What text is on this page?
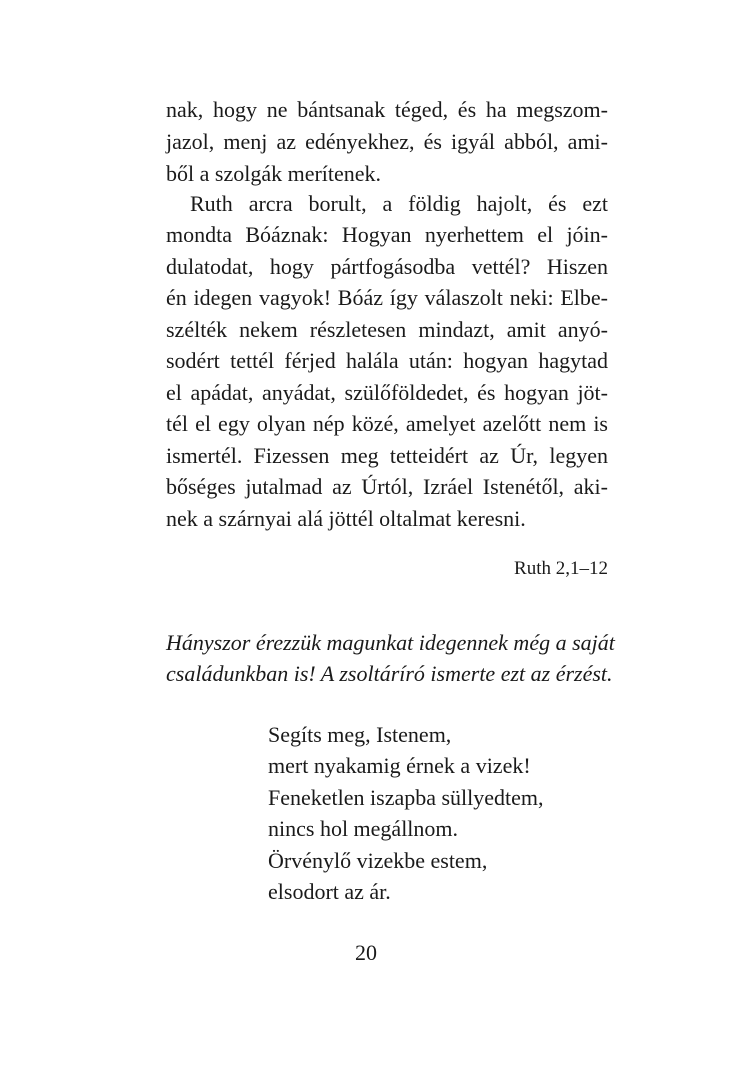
nak, hogy ne bántsanak téged, és ha megszom-
jazol, menj az edényekhez, és igyál abból, ami-
ből a szolgák merítenek.
Ruth arcra borult, a földig hajolt, és ezt
mondta Bóáznak: Hogyan nyerhettem el jóin-
dulatodat, hogy pártfogásodba vettél? Hiszen
én idegen vagyok! Bóáz így válaszolt neki: Elbe-
szélték nekem részletesen mindazt, amit anyó-
sodért tettél férjed halála után: hogyan hagytad
el apádat, anyádat, szülőföldedet, és hogyan jöt-
tél el egy olyan nép közé, amelyet azelőtt nem is
ismertél. Fizessen meg tetteidért az Úr, legyen
bőséges jutalmad az Úrtól, Izráel Istenétől, aki-
nek a szárnyai alá jöttél oltalmat keresni.
Ruth 2,1–12
Hányszor érezzük magunkat idegennek még a saját
családunkban is! A zsoltáríró ismerte ezt az érzést.
Segíts meg, Istenem,
mert nyakamig érnek a vizek!
Feneketlen iszapba süllyedtem,
nincs hol megállnom.
Örvénylő vizekbe estem,
elsodort az ár.
20
